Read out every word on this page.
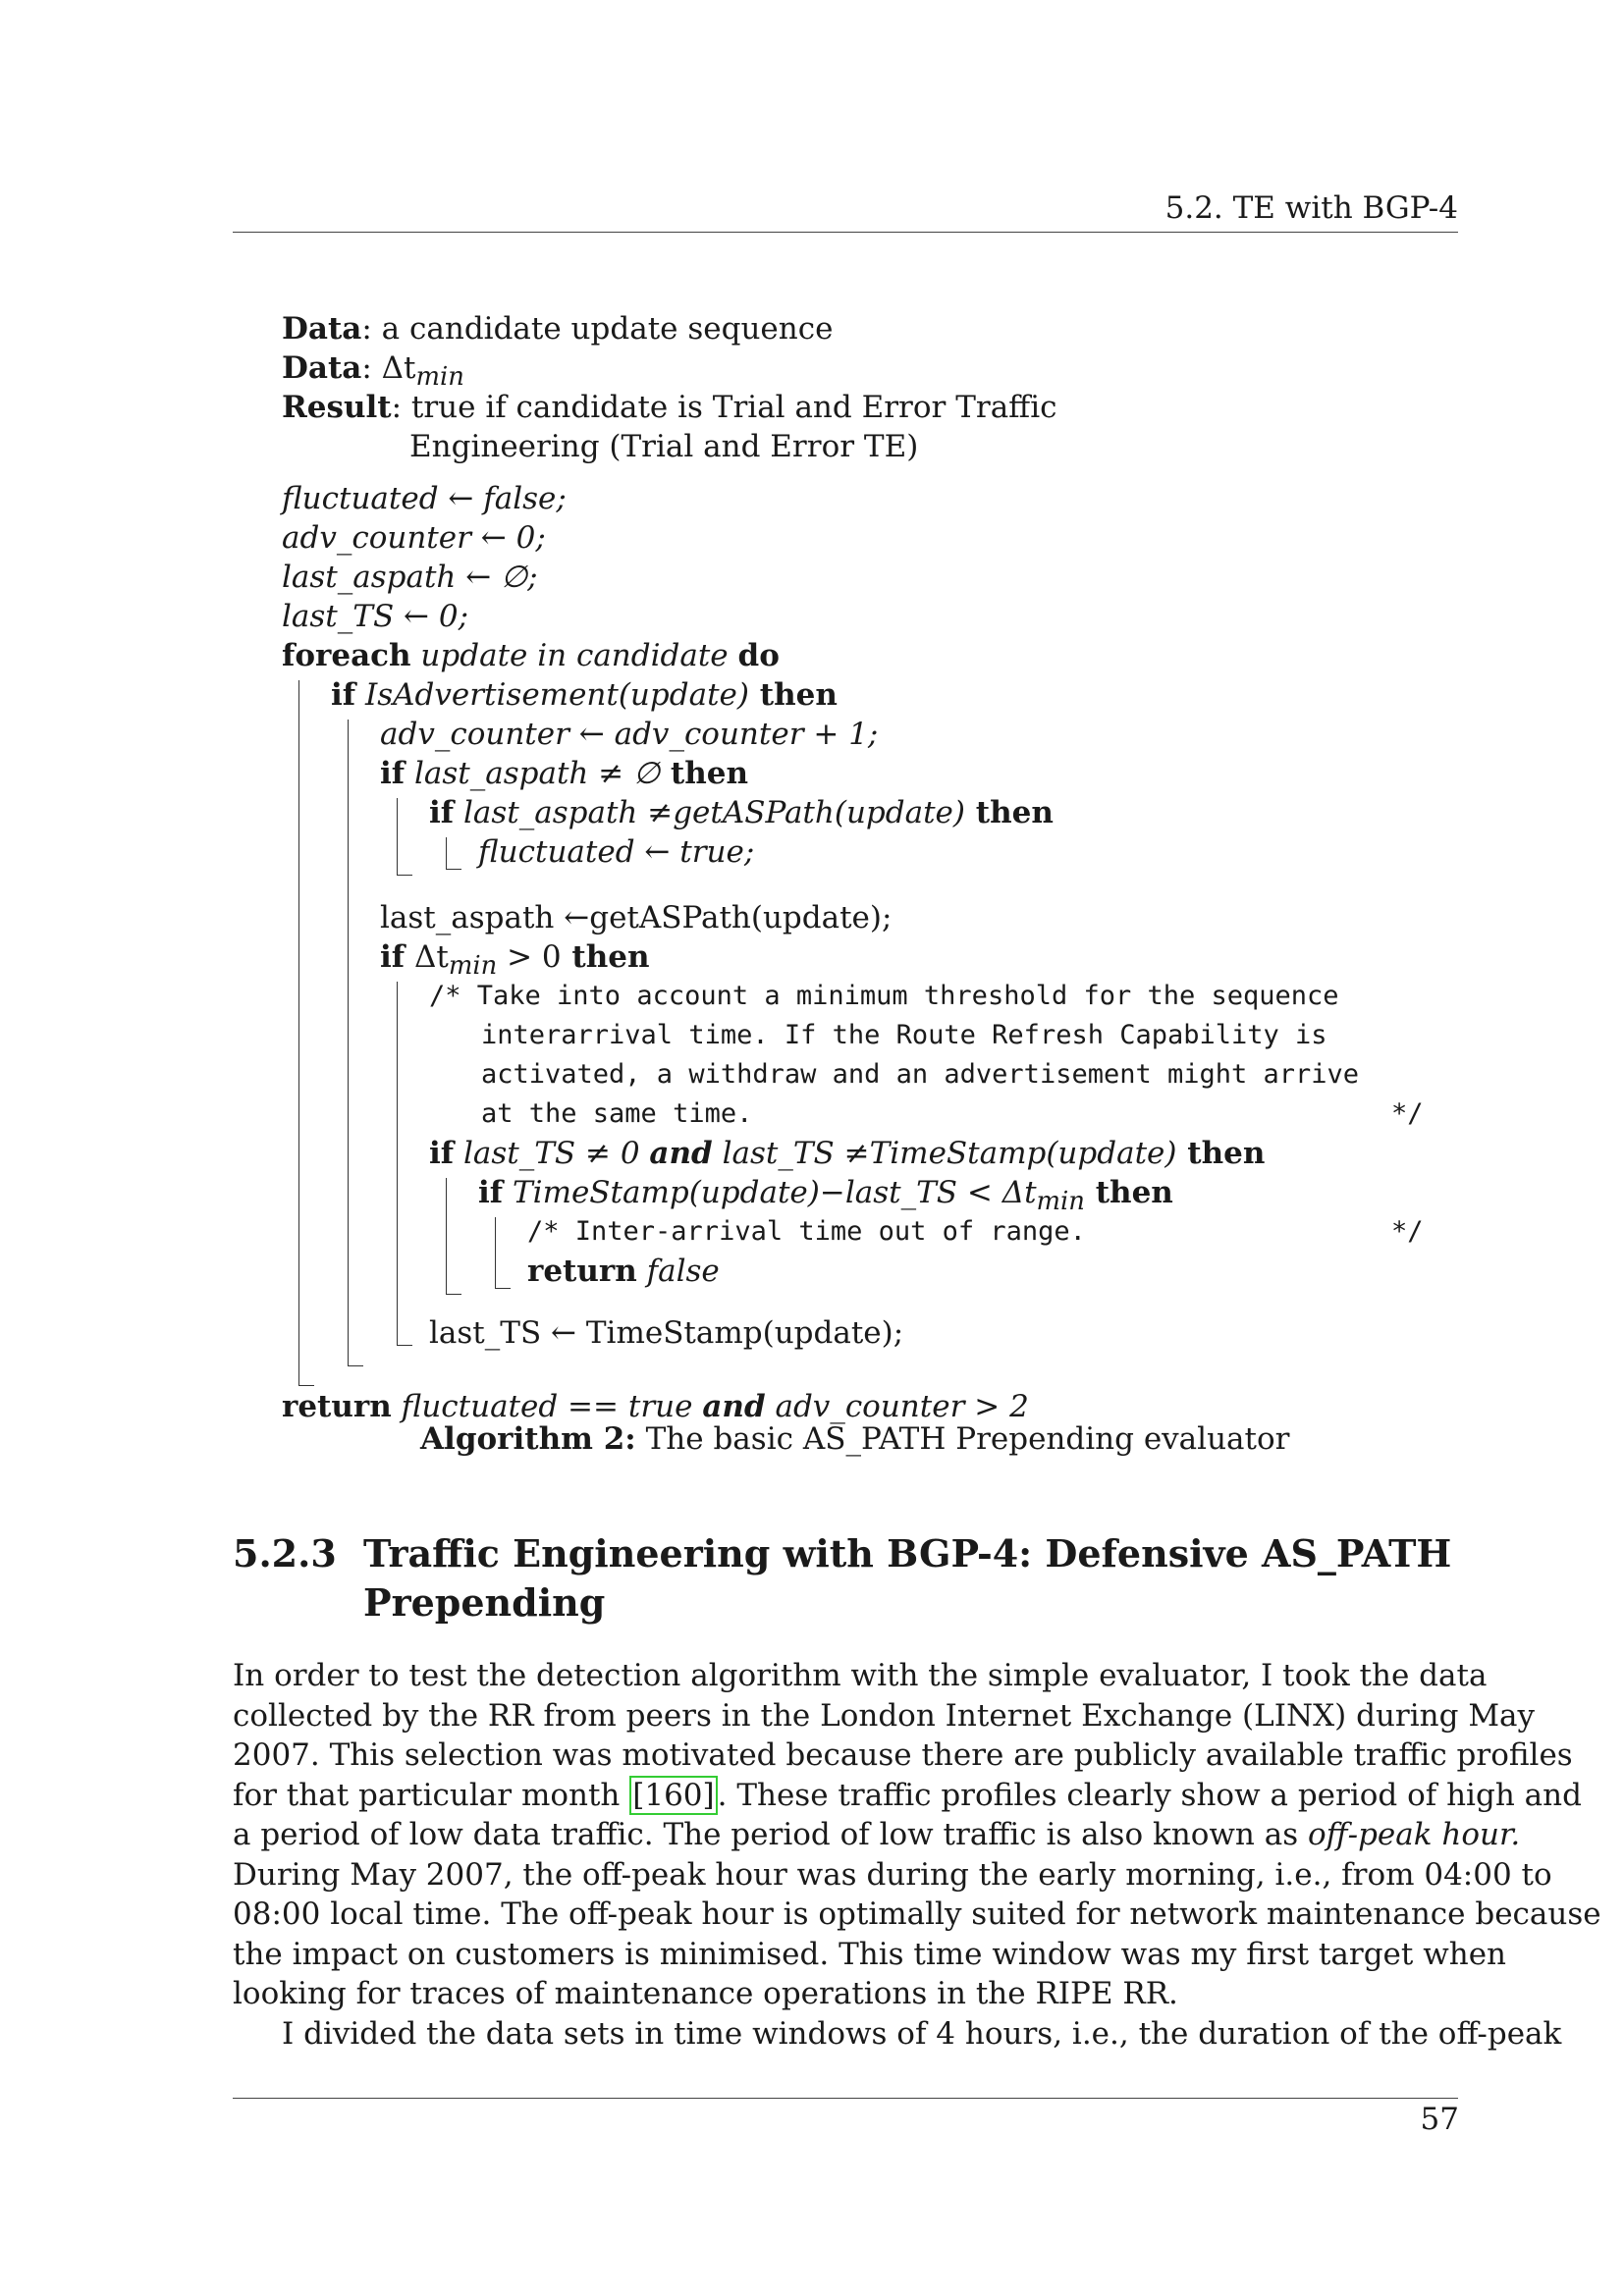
5.2. TE with BGP-4
Data: a candidate update sequence
Data: $\Delta t_{min}$
Result: true if candidate is Trial and Error Traffic
Engineering (Trial and Error TE)
fluctuated ← false;
adv_counter ← 0;
last_aspath ← ∅;
last_TS ← 0;
foreach update in candidate do
if IsAdvertisement(update) then
adv_counter ← adv_counter + 1;
if last_aspath ≠ ∅ then
if last_aspath ≠getASPath(update) then
fluctuated ← true;
last_aspath ←getASPath(update);
if $\Delta t_{min} > 0$ then
/* Take into account a minimum threshold for the sequence
interarrival time. If the Route Refresh Capability is
activated, a withdraw and an advertisement might arrive
at the same time.	*/
if last_TS ≠ 0 and last_TS ≠TimeStamp(update) then
if TimeStamp(update)−last_TS < $\Delta t_{min}$ then
/* Inter-arrival time out of range.	*/
return false
last_TS ← TimeStamp(update);
return fluctuated == true and adv_counter > 2
Algorithm 2: The basic AS_PATH Prepending evaluator
5.2.3 Traffic Engineering with BGP-4: Defensive AS_PATH
Prepending
In order to test the detection algorithm with the simple evaluator, I took the data
collected by the RR from peers in the London Internet Exchange (LINX) during May
2007. This selection was motivated because there are publicly available traffic profiles
for that particular month [160]. These traffic profiles clearly show a period of high and
a period of low data traffic. The period of low traffic is also known as off-peak hour.
During May 2007, the off-peak hour was during the early morning, i.e., from 04:00 to
08:00 local time. The off-peak hour is optimally suited for network maintenance because
the impact on customers is minimised. This time window was my first target when
looking for traces of maintenance operations in the RIPE RR.
I divided the data sets in time windows of 4 hours, i.e., the duration of the off-peak
57
